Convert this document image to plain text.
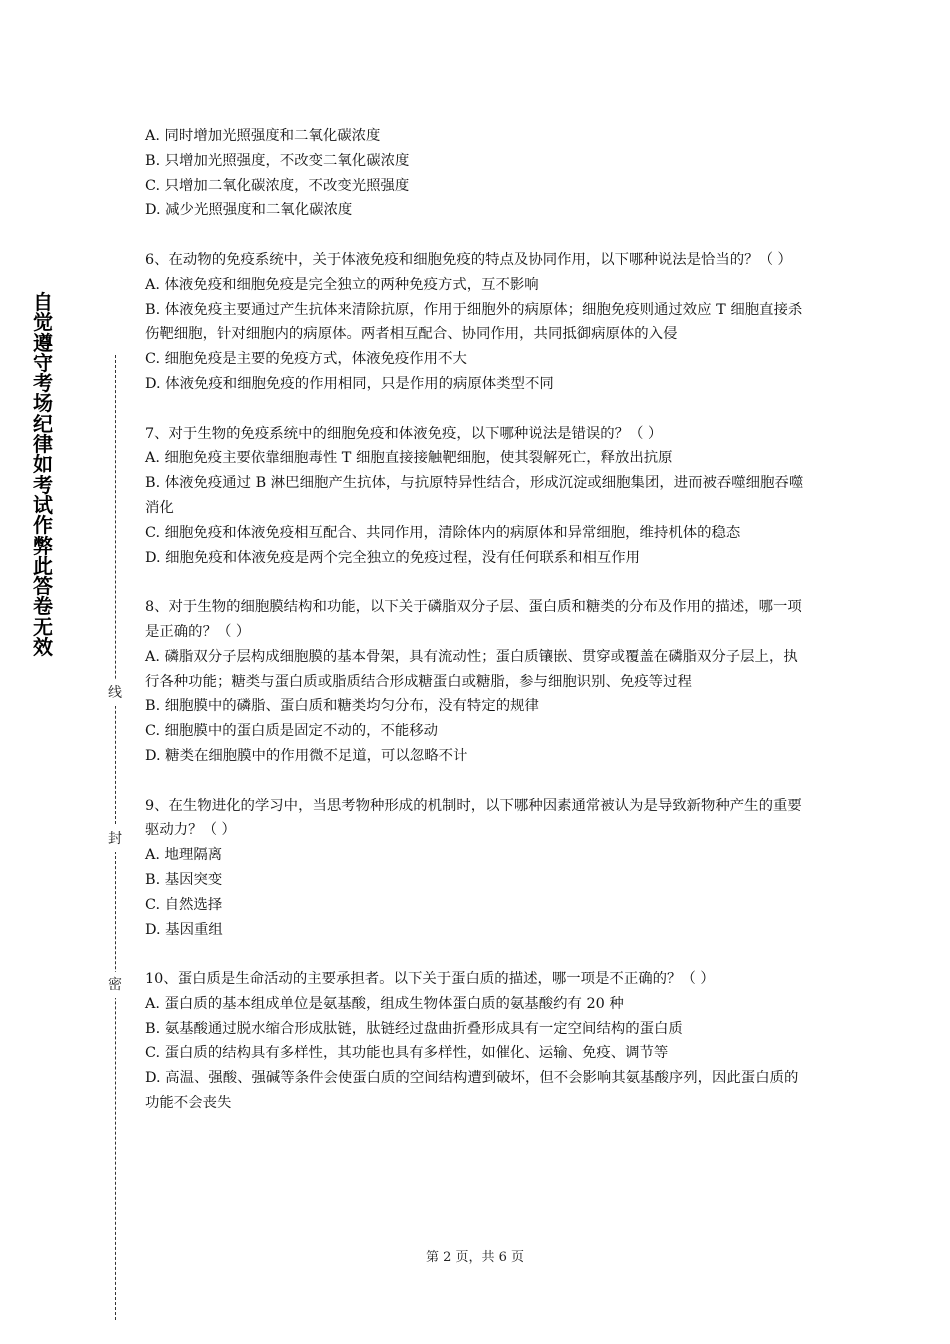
自觉遵守考场纪律如考试作弊此答卷无效
线
封
密

A. 同时增加光照强度和二氧化碳浓度

B. 只增加光照强度，不改变二氧化碳浓度

C. 只增加二氧化碳浓度，不改变光照强度

D. 减少光照强度和二氧化碳浓度

6、在动物的免疫系统中，关于体液免疫和细胞免疫的特点及协同作用，以下哪种说法是恰当的？（ ）

A. 体液免疫和细胞免疫是完全独立的两种免疫方式，互不影响

B. 体液免疫主要通过产生抗体来清除抗原，作用于细胞外的病原体；细胞免疫则通过效应 T 细胞直接杀伤靶细胞，针对细胞内的病原体。两者相互配合、协同作用，共同抵御病原体的入侵

C. 细胞免疫是主要的免疫方式，体液免疫作用不大

D. 体液免疫和细胞免疫的作用相同，只是作用的病原体类型不同

7、对于生物的免疫系统中的细胞免疫和体液免疫，以下哪种说法是错误的？（ ）

A. 细胞免疫主要依靠细胞毒性 T 细胞直接接触靶细胞，使其裂解死亡，释放出抗原

B. 体液免疫通过 B 淋巴细胞产生抗体，与抗原特异性结合，形成沉淀或细胞集团，进而被吞噬细胞吞噬消化

C. 细胞免疫和体液免疫相互配合、共同作用，清除体内的病原体和异常细胞，维持机体的稳态

D. 细胞免疫和体液免疫是两个完全独立的免疫过程，没有任何联系和相互作用

8、对于生物的细胞膜结构和功能，以下关于磷脂双分子层、蛋白质和糖类的分布及作用的描述，哪一项是正确的？（ ）

A. 磷脂双分子层构成细胞膜的基本骨架，具有流动性；蛋白质镶嵌、贯穿或覆盖在磷脂双分子层上，执行各种功能；糖类与蛋白质或脂质结合形成糖蛋白或糖脂，参与细胞识别、免疫等过程

B. 细胞膜中的磷脂、蛋白质和糖类均匀分布，没有特定的规律

C. 细胞膜中的蛋白质是固定不动的，不能移动

D. 糖类在细胞膜中的作用微不足道，可以忽略不计

9、在生物进化的学习中，当思考物种形成的机制时，以下哪种因素通常被认为是导致新物种产生的重要驱动力？（ ）

A. 地理隔离

B. 基因突变

C. 自然选择

D. 基因重组

10、蛋白质是生命活动的主要承担者。以下关于蛋白质的描述，哪一项是不正确的？（ ）

A. 蛋白质的基本组成单位是氨基酸，组成生物体蛋白质的氨基酸约有 20 种

B. 氨基酸通过脱水缩合形成肽链，肽链经过盘曲折叠形成具有一定空间结构的蛋白质

C. 蛋白质的结构具有多样性，其功能也具有多样性，如催化、运输、免疫、调节等

D. 高温、强酸、强碱等条件会使蛋白质的空间结构遭到破坏，但不会影响其氨基酸序列，因此蛋白质的功能不会丧失

第 2 页，共 6 页
